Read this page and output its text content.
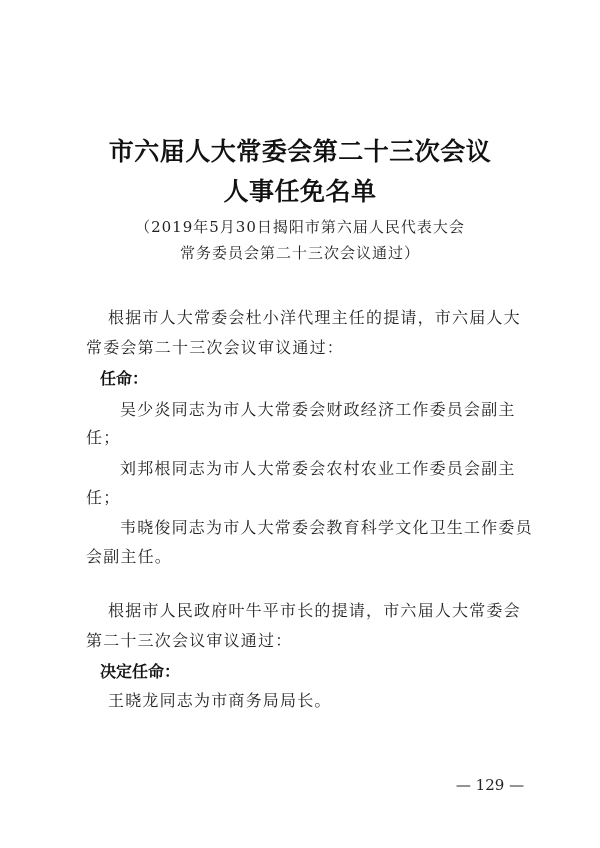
市六届人大常委会第二十三次会议
人事任免名单
（2019年5月30日揭阳市第六届人民代表大会
常务委员会第二十三次会议通过）
根据市人大常委会杜小洋代理主任的提请，市六届人大
常委会第二十三次会议审议通过：
任命：
吴少炎同志为市人大常委会财政经济工作委员会副主
任；
刘邦根同志为市人大常委会农村农业工作委员会副主
任；
韦晓俊同志为市人大常委会教育科学文化卫生工作委员
会副主任。
根据市人民政府叶牛平市长的提请，市六届人大常委会
第二十三次会议审议通过：
决定任命：
王晓龙同志为市商务局局长。
— 129 —
